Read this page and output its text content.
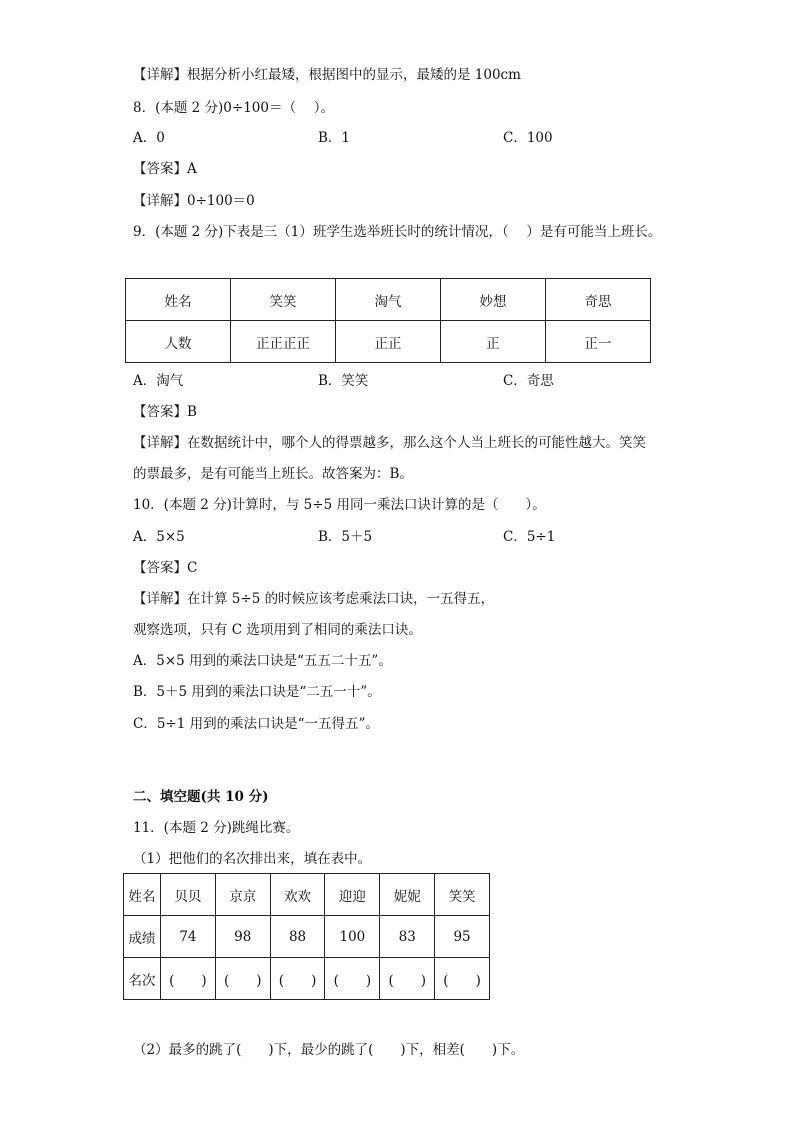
【详解】根据分析小红最矮，根据图中的显示，最矮的是 100cm
8．(本题 2 分)0÷100＝（　 ）。
A．0	B．1	C．100
【答案】A
【详解】0÷100＝0
9．(本题 2 分)下表是三（1）班学生选举班长时的统计情况，（　 ）是有可能当上班长。
姓名	笑笑	淘气	妙想	奇思
人数	正正正正	正正	正	正一
A．淘气	B．笑笑	C．奇思
【答案】B
【详解】在数据统计中，哪个人的得票越多，那么这个人当上班长的可能性越大。笑笑
的票最多，是有可能当上班长。故答案为：B。
10．(本题 2 分)计算时，与 5÷5 用同一乘法口诀计算的是（　　）。
A．5×5	B．5＋5	C．5÷1
【答案】C
【详解】在计算 5÷5 的时候应该考虑乘法口诀，一五得五，
观察选项，只有 C 选项用到了相同的乘法口诀。
A．5×5 用到的乘法口诀是“五五二十五”。
B．5＋5 用到的乘法口诀是“二五一十”。
C．5÷1 用到的乘法口诀是“一五得五”。
二、填空题(共 10 分)
11．(本题 2 分)跳绳比赛。
（1）把他们的名次排出来，填在表中。
姓名	贝贝	京京	欢欢	迎迎	妮妮	笑笑
成绩	74	98	88	100	83	95
名次	(　　)	(　　)	(　　)	(　　)	(　　)	(　　)
（2）最多的跳了(　　)下，最少的跳了(　　)下，相差(　　)下。
